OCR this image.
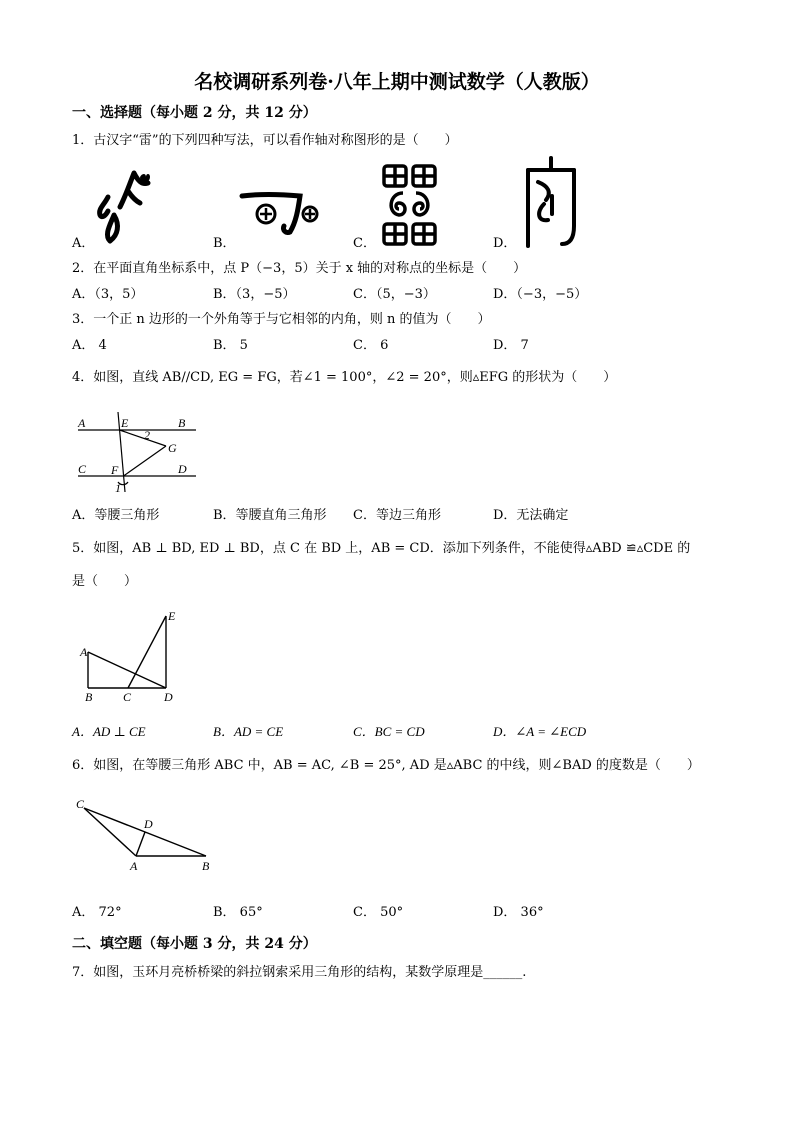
名校调研系列卷·八年上期中测试数学（人教版）
一、选择题（每小题 2 分，共 12 分）
1．古汉字“雷”的下列四种写法，可以看作轴对称图形的是（　　）
A．	B．	C．	D．
2．在平面直角坐标系中，点 P（−3，5）关于 x 轴的对称点的坐标是（　　）
A．（3，5）	B．（3，−5）	C．（5，−3）	D．（−3，−5）
3．一个正 n 边形的一个外角等于与它相邻的内角，则 n 的值为（　　）
A． 4	B． 5	C． 6	D． 7
4．如图，直线 AB//CD, EG = FG，若∠1 = 100°，∠2 = 20°，则▵EFG 的形状为（　　）
A	E	B
2
G
C F	D
1
A．等腰三角形	B．等腰直角三角形 C．等边三角形	D．无法确定
5．如图，AB ⊥ BD, ED ⊥ BD，点 C 在 BD 上，AB = CD．添加下列条件，不能使得▵ABD ≌▵CDE 的
是（　　）
A
B	C	D
E
A．AD ⊥ CE	B．AD = CE	C．BC = CD	D．∠A = ∠ECD
6．如图，在等腰三角形 ABC 中，AB = AC, ∠B = 25°, AD 是▵ABC 的中线，则∠BAD 的度数是（　　）
C
D
A	B
A． 72°	B． 65°	C． 50°	D． 36°
二、填空题（每小题 3 分，共 24 分）
7．如图，玉环月亮桥桥梁的斜拉钢索采用三角形的结构，某数学原理是______.
